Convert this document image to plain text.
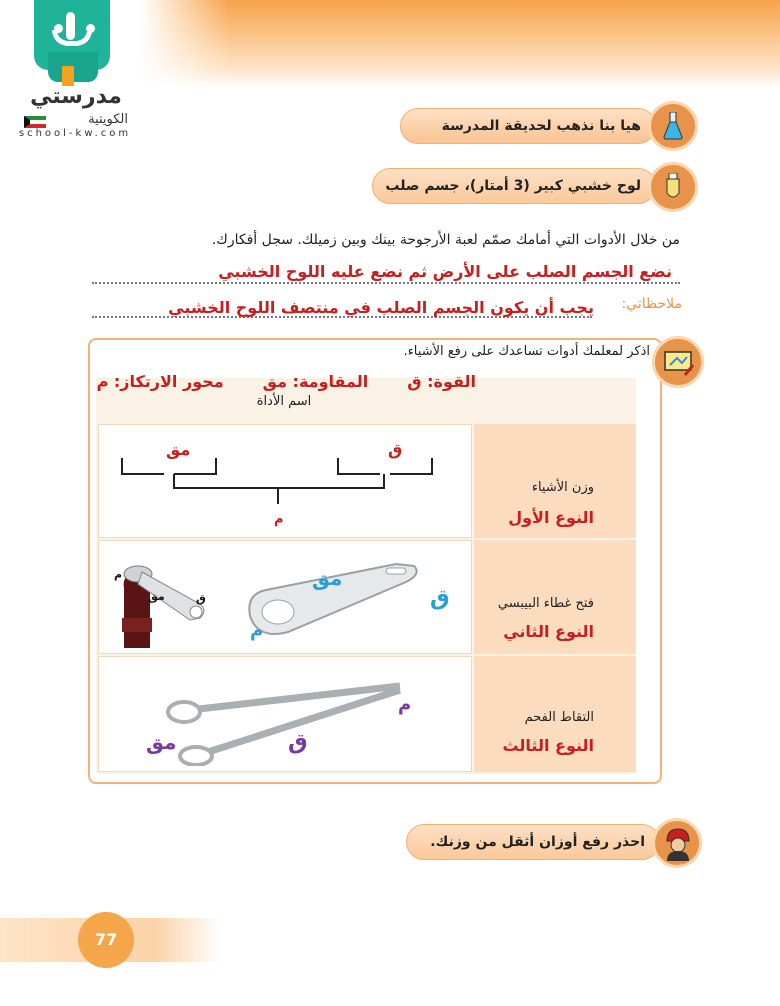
مدرستي
الكويتية
school-kw.com	هيا بنا نذهب لحديقة المدرسة
لوح خشبي كبير (3 أمتار)، جسم صلب
من خلال الأدوات التي أمامك صمّم لعبة الأرجوحة بينك وبين زميلك. سجل أفكارك.
نضع الجسم الصلب على الأرض ثم نضع عليه اللوح الخشبي
ملاحظاتي:
يجب أن يكون الجسم الصلب في منتصف اللوح الخشبي
اذكر لمعلمك أدوات تساعدك على رفع الأشياء.
القوة: ق       المقاومة: مق       محور الارتكاز: م
اسم الأداة
وزن الأشياء
النوع الأول
مق	ق
م
فتح غطاء البيبسي
النوع الثاني
م
مق	ق
مق
ق
م
التقاط الفحم
النوع الثالث
م
ق
مق
احذر رفع أوزان أثقل من وزنك.
77
